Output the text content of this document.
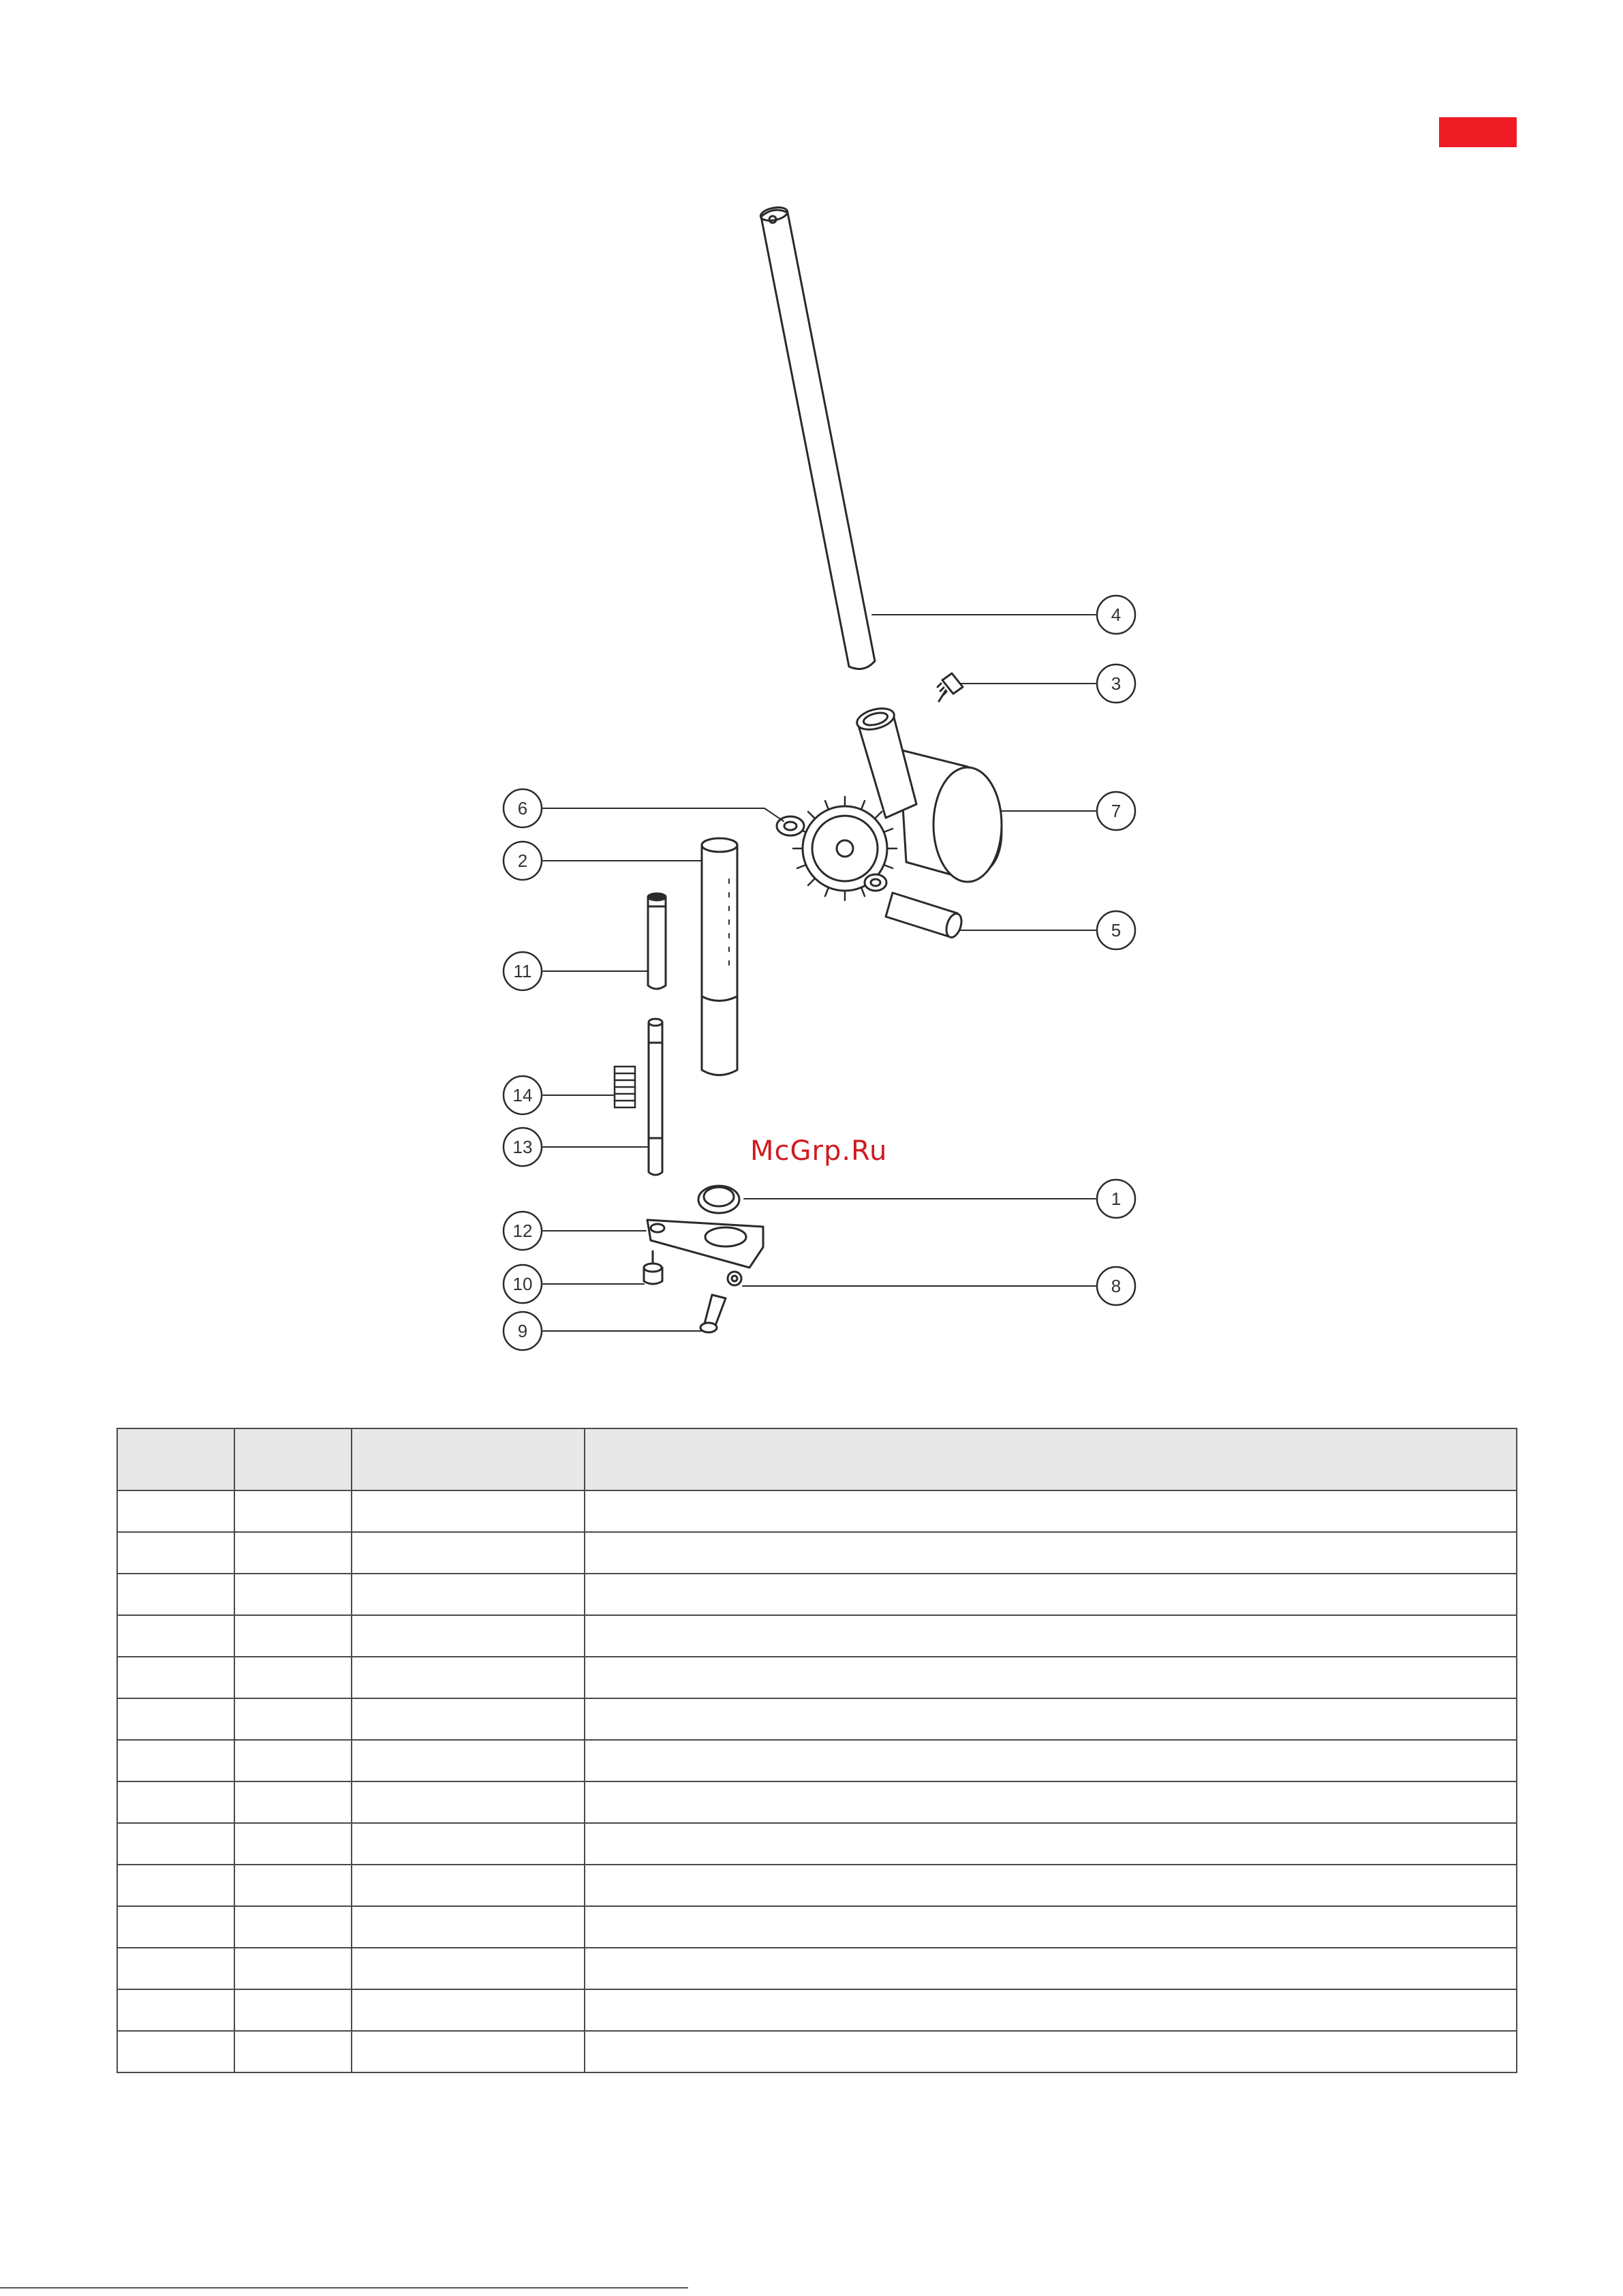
4
3
7
5
1
8
6
2
11
14
13
12
10
9
McGrp.Ru
